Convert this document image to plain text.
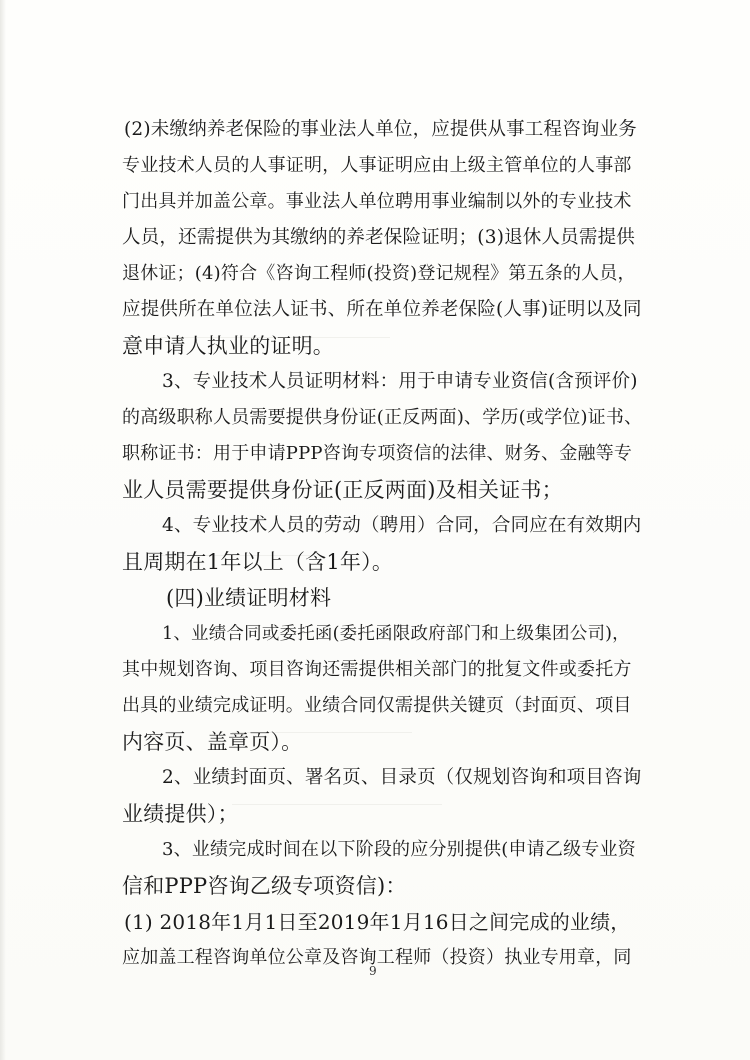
(2)未缴纳养老保险的事业法人单位，应提供从事工程咨询业务
专业技术人员的人事证明，人事证明应由上级主管单位的人事部
门出具并加盖公章。事业法人单位聘用事业编制以外的专业技术
人员，还需提供为其缴纳的养老保险证明；(3)退休人员需提供
退休证；(4)符合《咨询工程师(投资)登记规程》第五条的人员，
应提供所在单位法人证书、所在单位养老保险(人事)证明以及同
意申请人执业的证明。
3、专业技术人员证明材料：用于申请专业资信(含预评价)
的高级职称人员需要提供身份证(正反两面)、学历(或学位)证书、
职称证书：用于申请PPP咨询专项资信的法律、财务、金融等专
业人员需要提供身份证(正反两面)及相关证书；
4、专业技术人员的劳动（聘用）合同，合同应在有效期内
且周期在1年以上（含1年）。
(四)业绩证明材料
1、业绩合同或委托函(委托函限政府部门和上级集团公司)，
其中规划咨询、项目咨询还需提供相关部门的批复文件或委托方
出具的业绩完成证明。业绩合同仅需提供关键页（封面页、项目
内容页、盖章页）。
2、业绩封面页、署名页、目录页（仅规划咨询和项目咨询
业绩提供）；
3、业绩完成时间在以下阶段的应分别提供(申请乙级专业资
信和PPP咨询乙级专项资信)：
(1) 2018年1月1日至2019年1月16日之间完成的业绩，
应加盖工程咨询单位公章及咨询工程师（投资）执业专用章，同
9
